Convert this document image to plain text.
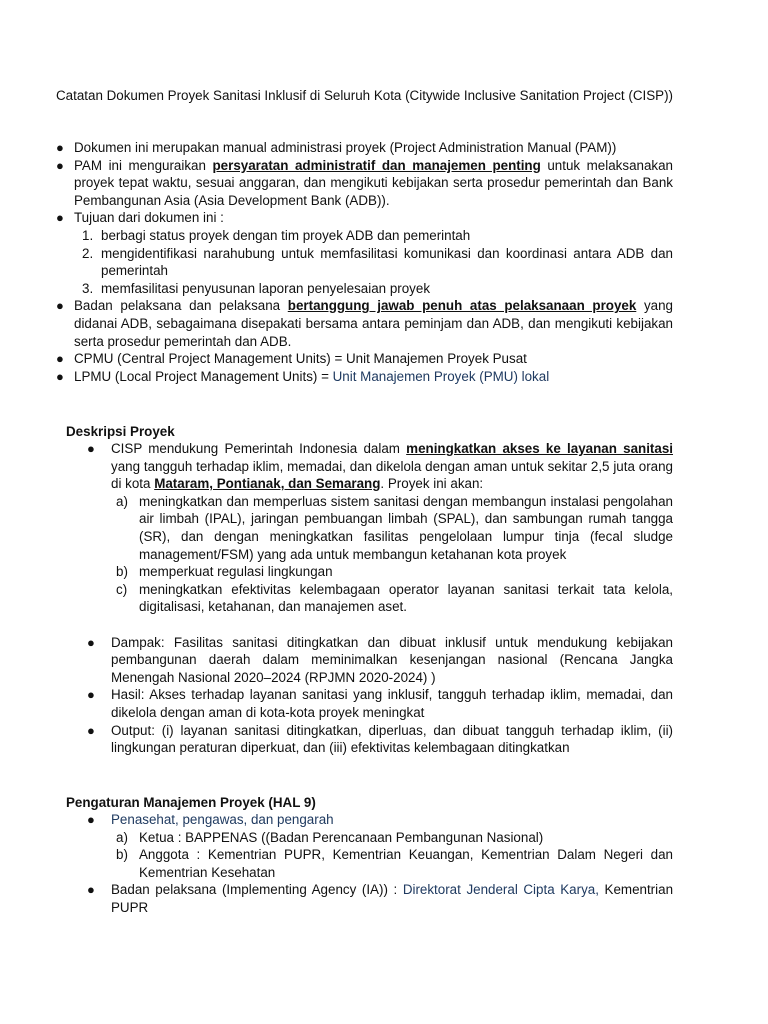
Catatan Dokumen Proyek Sanitasi Inklusif di Seluruh Kota (Citywide Inclusive Sanitation Project (CISP))

● Dokumen ini merupakan manual administrasi proyek (Project Administration Manual (PAM))

● PAM ini menguraikan persyaratan administratif dan manajemen penting untuk melaksanakan proyek tepat waktu, sesuai anggaran, dan mengikuti kebijakan serta prosedur pemerintah dan Bank Pembangunan Asia (Asia Development Bank (ADB)).

● Tujuan dari dokumen ini :

1. berbagi status proyek dengan tim proyek ADB dan pemerintah

2. mengidentifikasi narahubung untuk memfasilitasi komunikasi dan koordinasi antara ADB dan pemerintah

3. memfasilitasi penyusunan laporan penyelesaian proyek

● Badan pelaksana dan pelaksana bertanggung jawab penuh atas pelaksanaan proyek yang didanai ADB, sebagaimana disepakati bersama antara peminjam dan ADB, dan mengikuti kebijakan serta prosedur pemerintah dan ADB.

● CPMU (Central Project Management Units) = Unit Manajemen Proyek Pusat

● LPMU (Local Project Management Units) = Unit Manajemen Proyek (PMU) lokal

Deskripsi Proyek

● CISP mendukung Pemerintah Indonesia dalam meningkatkan akses ke layanan sanitasi yang tangguh terhadap iklim, memadai, dan dikelola dengan aman untuk sekitar 2,5 juta orang di kota Mataram, Pontianak, dan Semarang. Proyek ini akan:

a) meningkatkan dan memperluas sistem sanitasi dengan membangun instalasi pengolahan air limbah (IPAL), jaringan pembuangan limbah (SPAL), dan sambungan rumah tangga (SR), dan dengan meningkatkan fasilitas pengelolaan lumpur tinja (fecal sludge management/FSM) yang ada untuk membangun ketahanan kota proyek

b) memperkuat regulasi lingkungan

c) meningkatkan efektivitas kelembagaan operator layanan sanitasi terkait tata kelola, digitalisasi, ketahanan, dan manajemen aset.

● Dampak: Fasilitas sanitasi ditingkatkan dan dibuat inklusif untuk mendukung kebijakan pembangunan daerah dalam meminimalkan kesenjangan nasional (Rencana Jangka Menengah Nasional 2020–2024 (RPJMN 2020-2024) )

● Hasil: Akses terhadap layanan sanitasi yang inklusif, tangguh terhadap iklim, memadai, dan dikelola dengan aman di kota-kota proyek meningkat

● Output: (i) layanan sanitasi ditingkatkan, diperluas, dan dibuat tangguh terhadap iklim, (ii) lingkungan peraturan diperkuat, dan (iii) efektivitas kelembagaan ditingkatkan

Pengaturan Manajemen Proyek (HAL 9)

● Penasehat, pengawas, dan pengarah

a) Ketua : BAPPENAS ((Badan Perencanaan Pembangunan Nasional)

b) Anggota : Kementrian PUPR, Kementrian Keuangan, Kementrian Dalam Negeri dan Kementrian Kesehatan

● Badan pelaksana (Implementing Agency (IA)) : Direktorat Jenderal Cipta Karya, Kementrian PUPR
